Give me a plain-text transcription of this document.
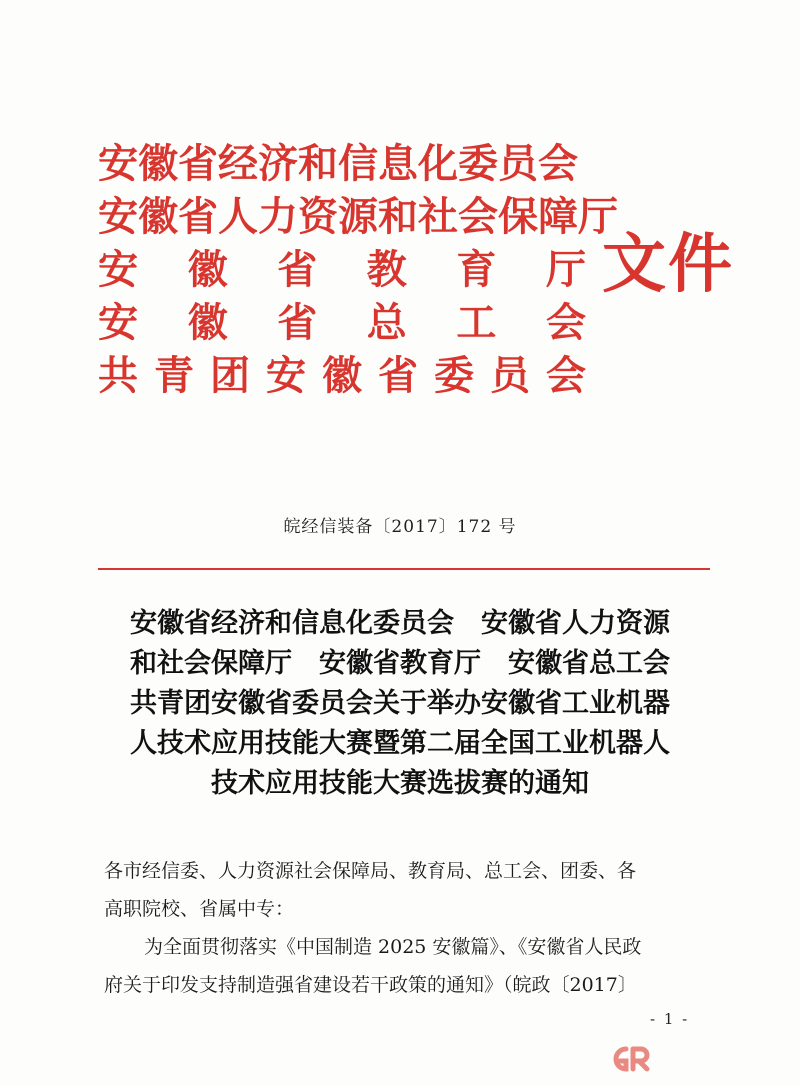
安徽省经济和信息化委员会
安徽省人力资源和社会保障厅
安 徽 省 教 育 厅
安 徽 省 总 工 会
共 青 团 安 徽 省 委 员 会
文件
皖经信装备〔2017〕172 号
安徽省经济和信息化委员会　安徽省人力资源
和社会保障厅　安徽省教育厅　安徽省总工会
共青团安徽省委员会关于举办安徽省工业机器
人技术应用技能大赛暨第二届全国工业机器人
技术应用技能大赛选拔赛的通知

各市经信委、人力资源社会保障局、教育局、总工会、团委、各

高职院校、省属中专：

为全面贯彻落实《中国制造 2025 安徽篇》、《安徽省人民政

府关于印发支持制造强省建设若干政策的通知》（皖政〔2017〕

- 1 -
